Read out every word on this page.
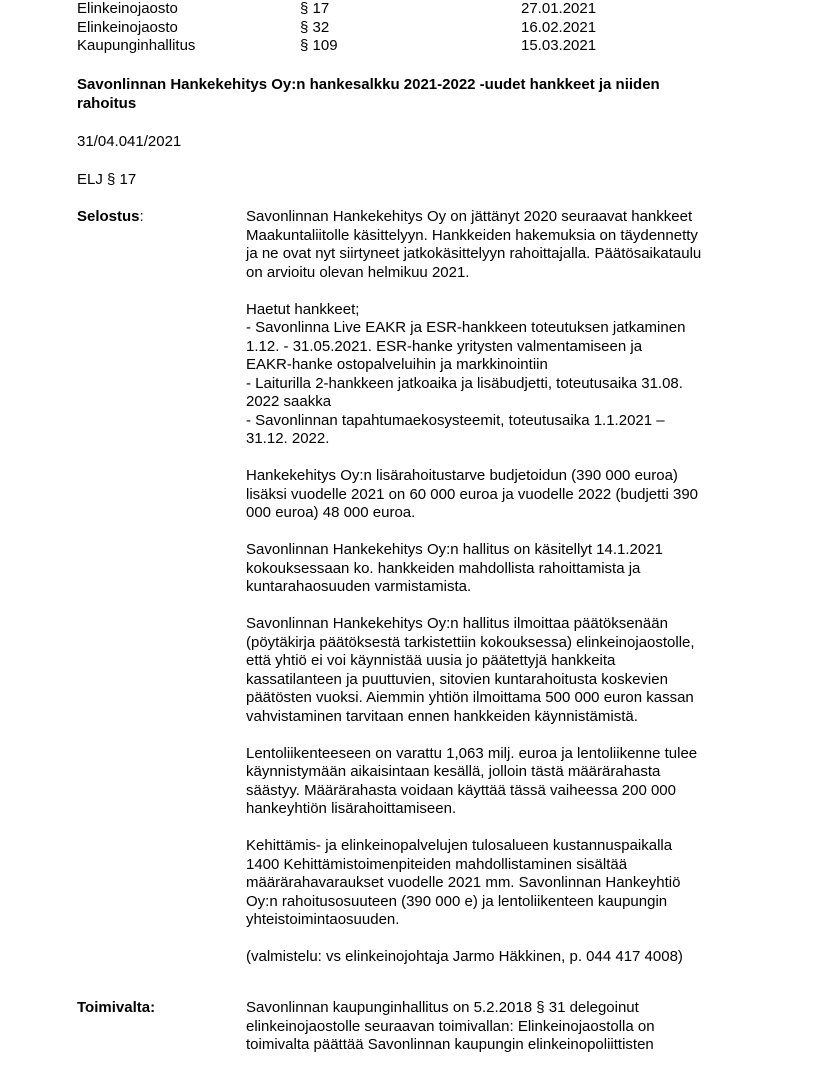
Elinkeinojaosto	§ 17	27.01.2021
Elinkeinojaosto	§ 32	16.02.2021
Kaupunginhallitus	§ 109	15.03.2021
Savonlinnan Hankekehitys Oy:n hankesalkku 2021-2022 -uudet hankkeet ja niiden
rahoitus
31/04.041/2021
ELJ § 17
Selostus:	Savonlinnan Hankekehitys Oy on jättänyt 2020 seuraavat hankkeet
Maakuntaliitolle käsittelyyn. Hankkeiden hakemuksia on täydennetty
ja ne ovat nyt siirtyneet jatkokäsittelyyn rahoittajalla. Päätösaikataulu
on arvioitu olevan helmikuu 2021.
Haetut hankkeet;
- Savonlinna Live EAKR ja ESR-hankkeen toteutuksen jatkaminen
1.12. - 31.05.2021. ESR-hanke yritysten valmentamiseen ja
EAKR-hanke ostopalveluihin ja markkinointiin
- Laiturilla 2-hankkeen jatkoaika ja lisäbudjetti, toteutusaika 31.08.
2022 saakka
- Savonlinnan tapahtumaekosysteemit, toteutusaika 1.1.2021 –
31.12. 2022.
Hankekehitys Oy:n lisärahoitustarve budjetoidun (390 000 euroa)
lisäksi vuodelle 2021 on 60 000 euroa ja vuodelle 2022 (budjetti 390
000 euroa) 48 000 euroa.
Savonlinnan Hankekehitys Oy:n hallitus on käsitellyt 14.1.2021
kokouksessaan ko. hankkeiden mahdollista rahoittamista ja
kuntarahaosuuden varmistamista.
Savonlinnan Hankekehitys Oy:n hallitus ilmoittaa päätöksenään
(pöytäkirja päätöksestä tarkistettiin kokouksessa) elinkeinojaostolle,
että yhtiö ei voi käynnistää uusia jo päätettyjä hankkeita
kassatilanteen ja puuttuvien, sitovien kuntarahoitusta koskevien
päätösten vuoksi. Aiemmin yhtiön ilmoittama 500 000 euron kassan
vahvistaminen tarvitaan ennen hankkeiden käynnistämistä.
Lentoliikenteeseen on varattu 1,063 milj. euroa ja lentoliikenne tulee
käynnistymään aikaisintaan kesällä, jolloin tästä määrärahasta
säästyy. Määrärahasta voidaan käyttää tässä vaiheessa 200 000
hankeyhtiön lisärahoittamiseen.
Kehittämis- ja elinkeinopalvelujen tulosalueen kustannuspaikalla
1400 Kehittämistoimenpiteiden mahdollistaminen sisältää
määrärahavaraukset vuodelle 2021 mm. Savonlinnan Hankeyhtiö
Oy:n rahoitusosuuteen (390 000 e) ja lentoliikenteen kaupungin
yhteistoimintaosuuden.
(valmistelu: vs elinkeinojohtaja Jarmo Häkkinen, p. 044 417 4008)
Toimivalta:	Savonlinnan kaupunginhallitus on 5.2.2018 § 31 delegoinut
elinkeinojaostolle seuraavan toimivallan: Elinkeinojaostolla on
toimivalta päättää Savonlinnan kaupungin elinkeinopoliittisten
